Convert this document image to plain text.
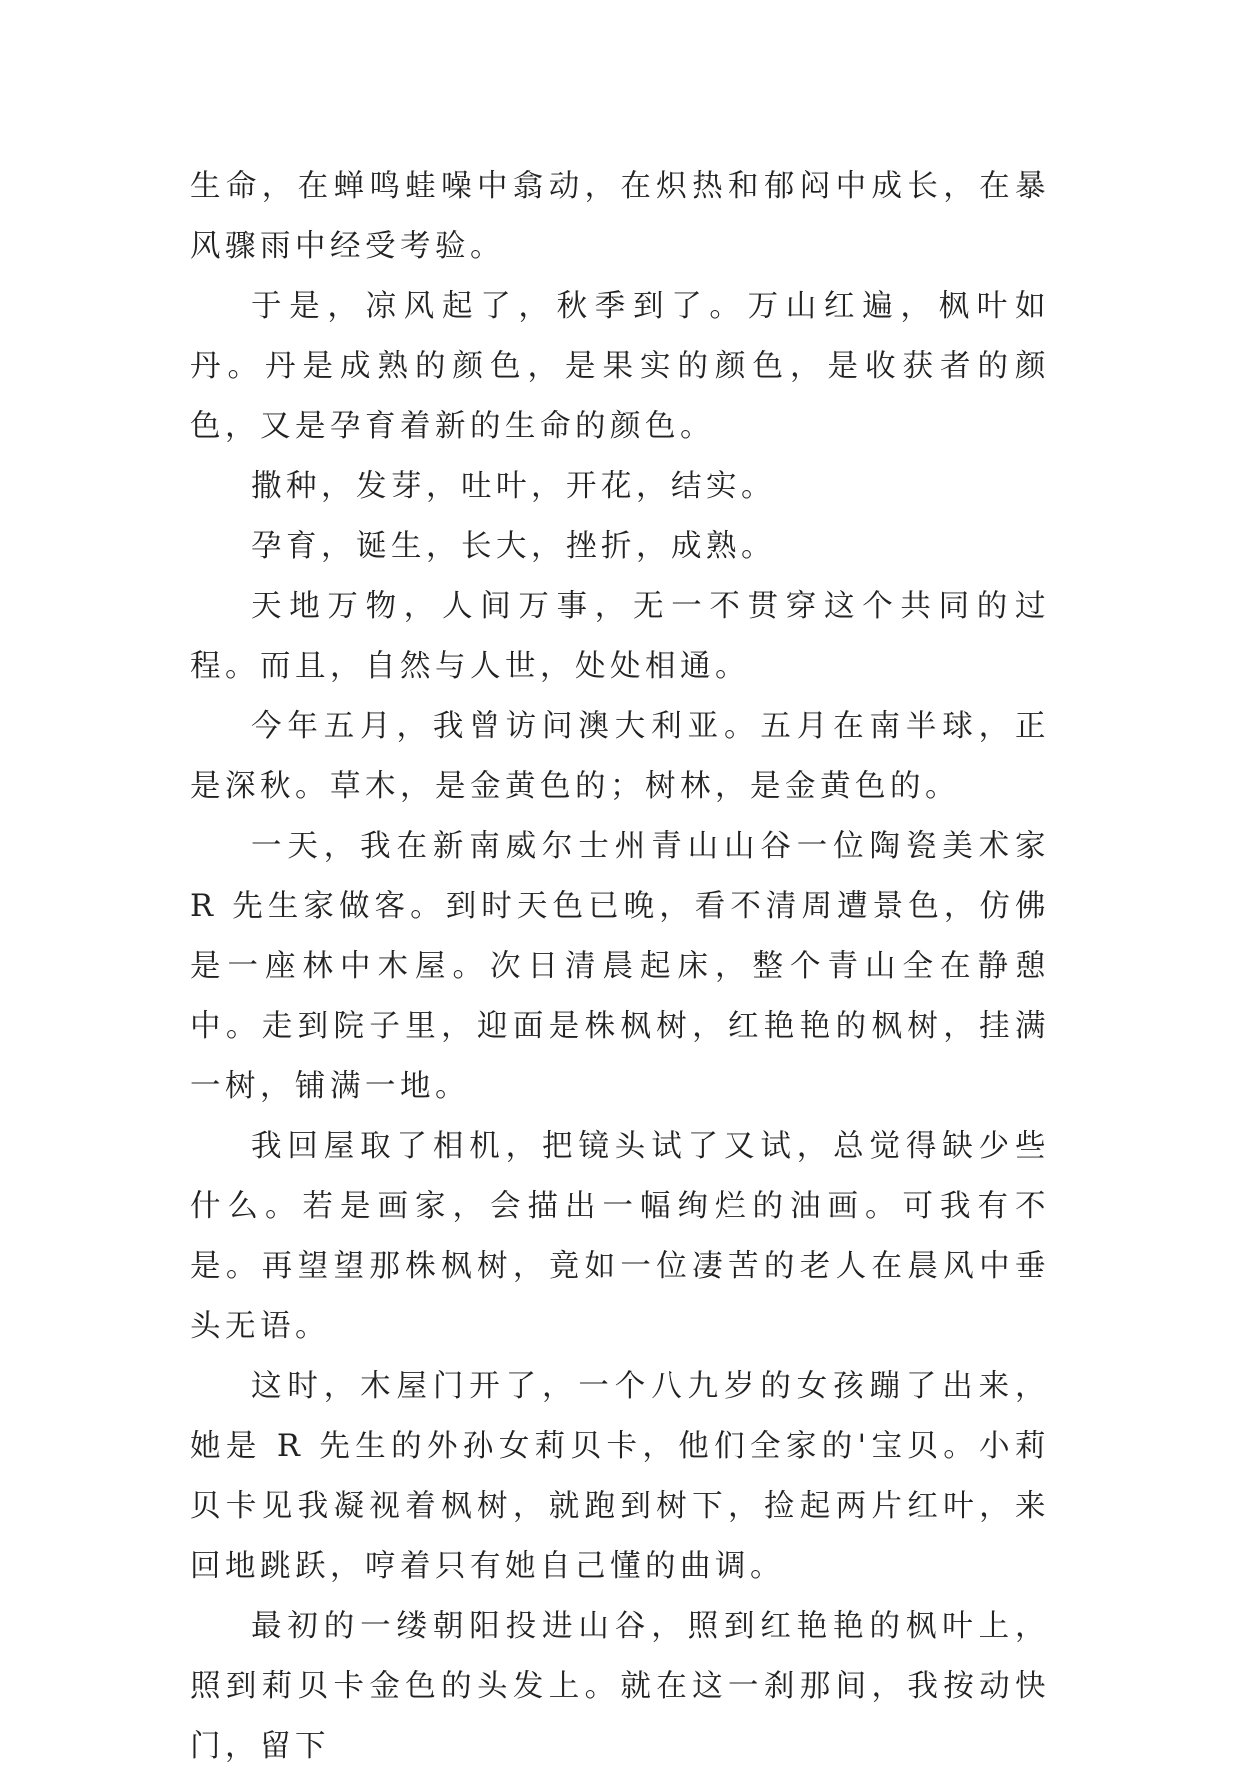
生命，在蝉鸣蛙噪中翕动，在炽热和郁闷中成长，在暴风骤雨中经受考验。

于是，凉风起了，秋季到了。万山红遍，枫叶如丹。丹是成熟的颜色，是果实的颜色，是收获者的颜色，又是孕育着新的生命的颜色。

撒种，发芽，吐叶，开花，结实。

孕育，诞生，长大，挫折，成熟。

天地万物，人间万事，无一不贯穿这个共同的过程。而且，自然与人世，处处相通。

今年五月，我曾访问澳大利亚。五月在南半球，正是深秋。草木，是金黄色的；树林，是金黄色的。

一天，我在新南威尔士州青山山谷一位陶瓷美术家 R 先生家做客。到时天色已晚，看不清周遭景色，仿佛是一座林中木屋。次日清晨起床，整个青山全在静憩中。走到院子里，迎面是株枫树，红艳艳的枫树，挂满一树，铺满一地。

我回屋取了相机，把镜头试了又试，总觉得缺少些什么。若是画家，会描出一幅绚烂的油画。可我有不是。再望望那株枫树，竟如一位凄苦的老人在晨风中垂头无语。

这时，木屋门开了，一个八九岁的女孩蹦了出来，她是 R 先生的外孙女莉贝卡，他们全家的'宝贝。小莉贝卡见我凝视着枫树，就跑到树下，捡起两片红叶，来回地跳跃，哼着只有她自己懂的曲调。

最初的一缕朝阳投进山谷，照到红艳艳的枫叶上，照到莉贝卡金色的头发上。就在这一刹那间，我按动快门，留下
